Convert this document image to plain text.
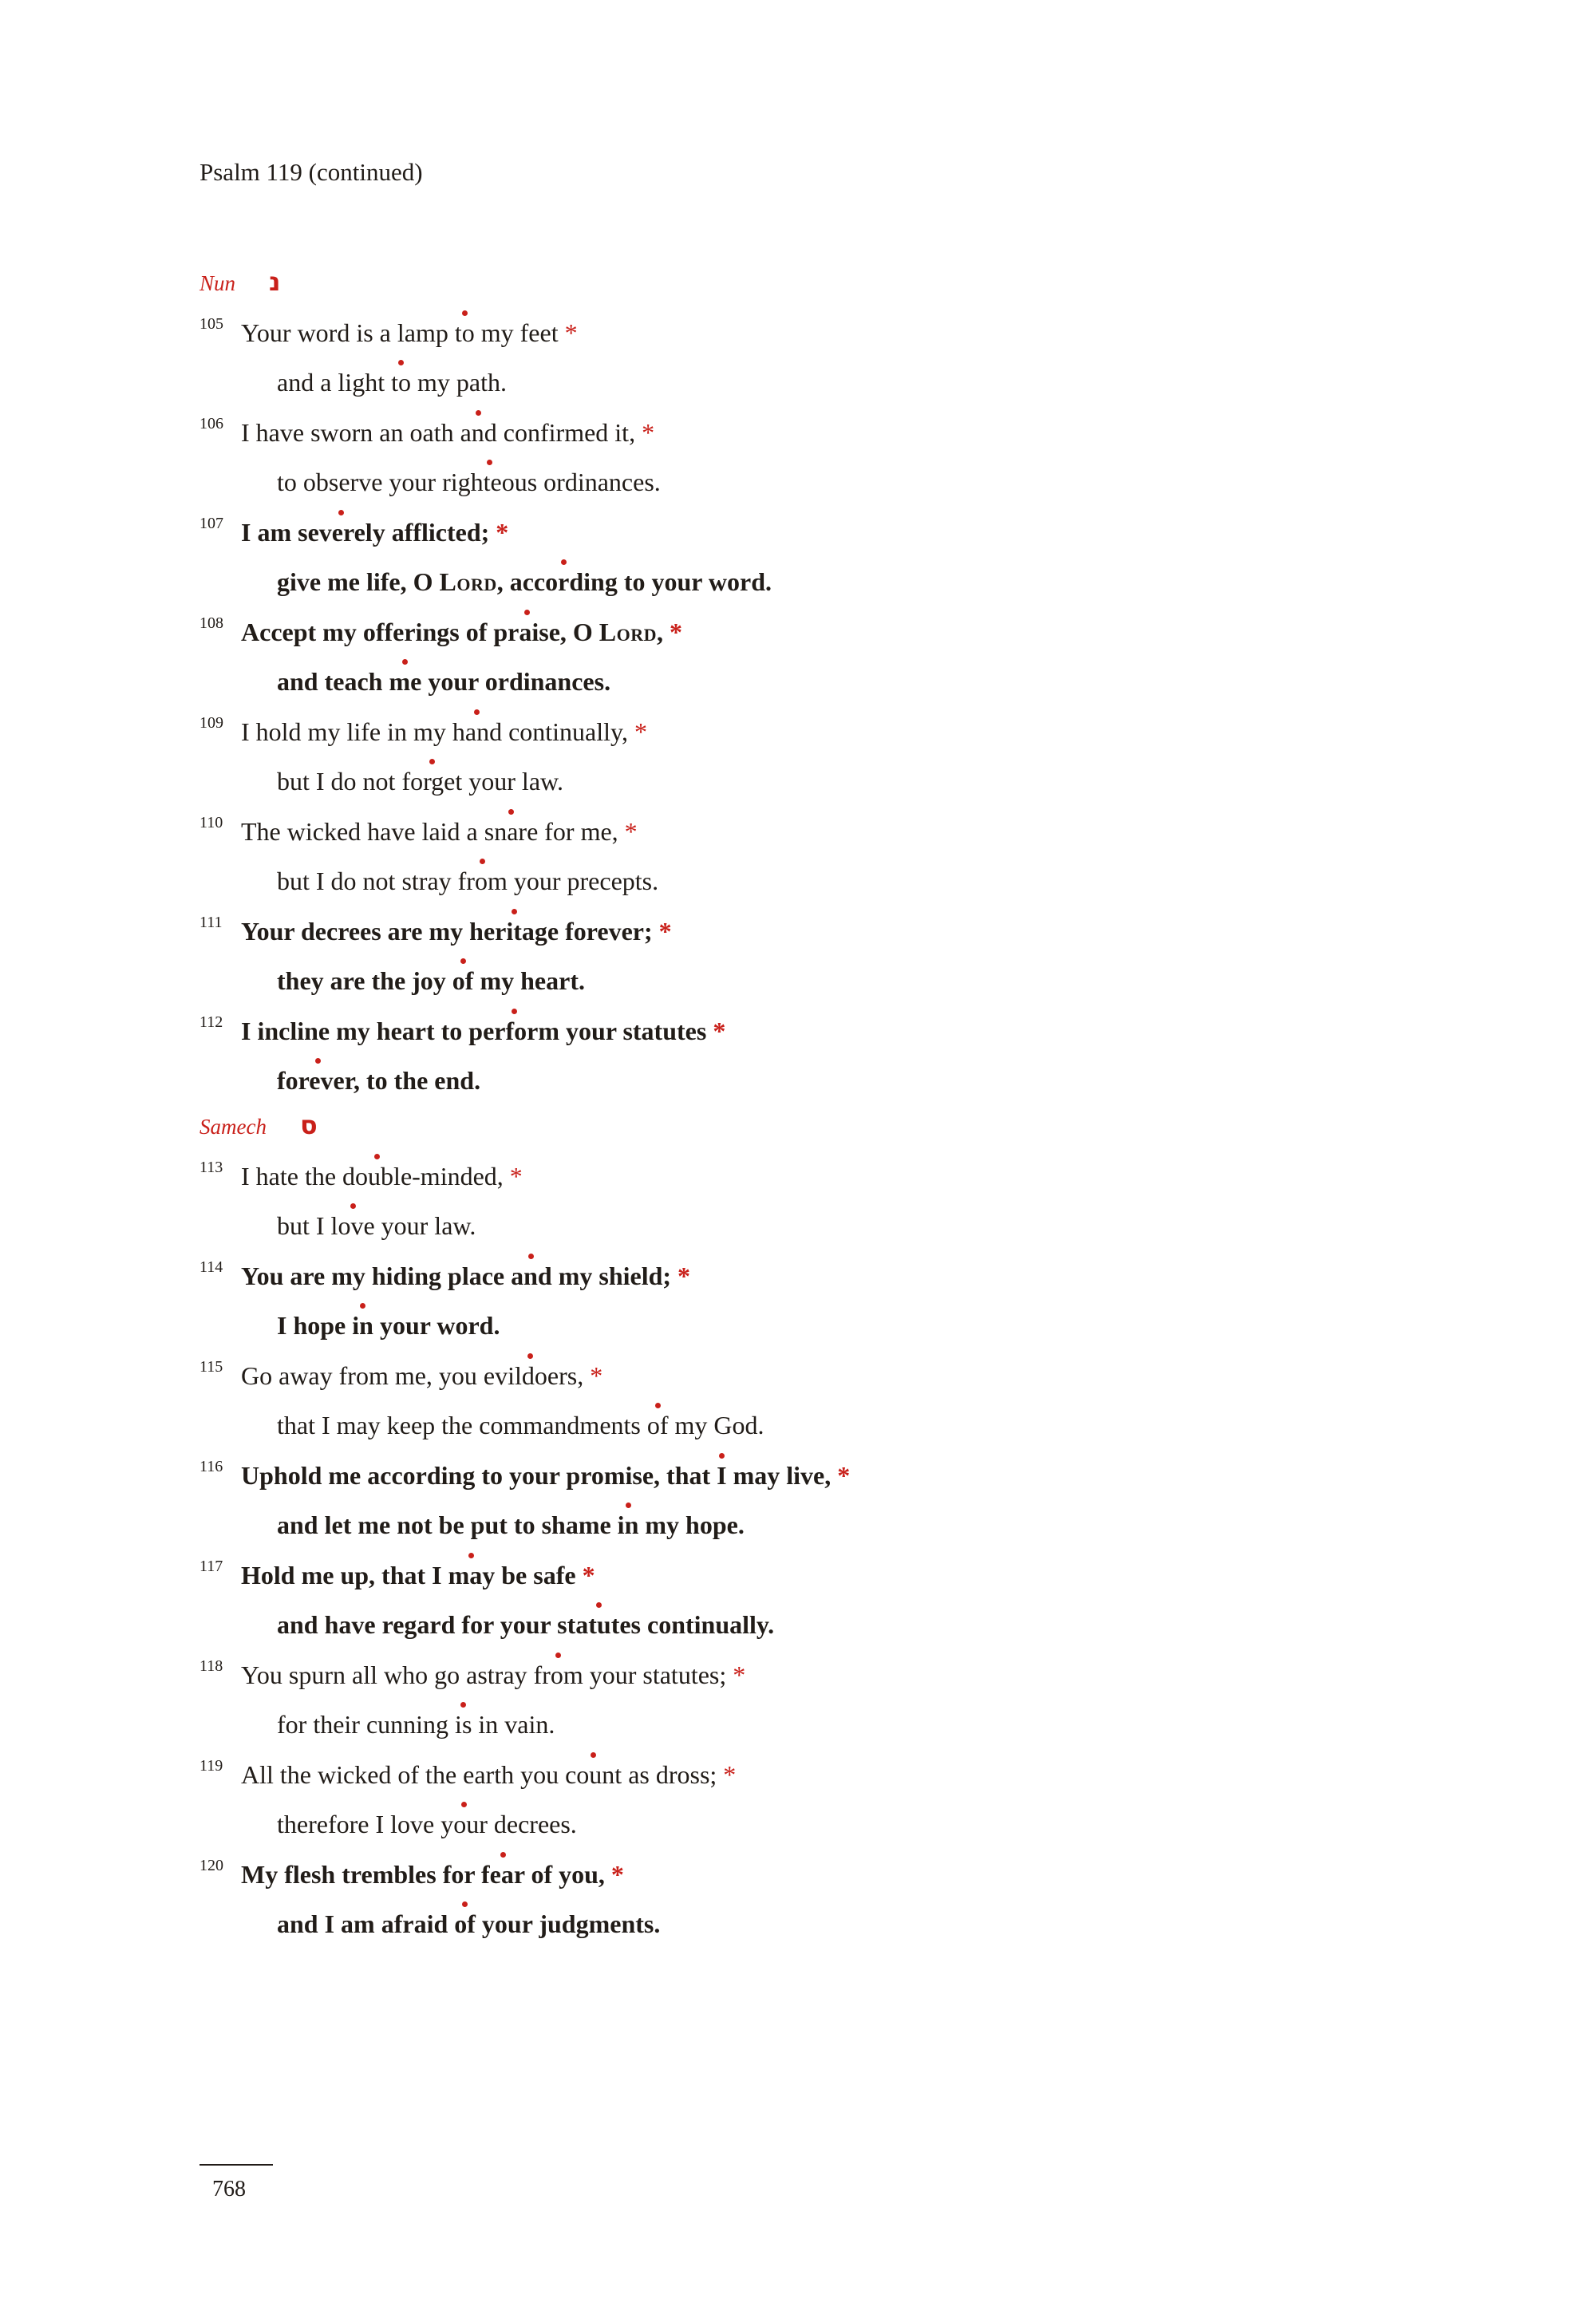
Psalm 119 (continued)
Nun נ
105 Your word is a lamp to my feet *
and a light to my path.
106 I have sworn an oath and confirmed it, *
to observe your righteous ordinances.
107 I am severely afflicted; *
give me life, O Lord, according to your word.
108 Accept my offerings of praise, O Lord, *
and teach me your ordinances.
109 I hold my life in my hand continually, *
but I do not forget your law.
110 The wicked have laid a snare for me, *
but I do not stray from your precepts.
111 Your decrees are my heritage forever; *
they are the joy of my heart.
112 I incline my heart to perform your statutes *
forever, to the end.
Samech ס
113 I hate the double-minded, *
but I love your law.
114 You are my hiding place and my shield; *
I hope in your word.
115 Go away from me, you evildoers, *
that I may keep the commandments of my God.
116 Uphold me according to your promise, that I may live, *
and let me not be put to shame in my hope.
117 Hold me up, that I may be safe *
and have regard for your statutes continually.
118 You spurn all who go astray from your statutes; *
for their cunning is in vain.
119 All the wicked of the earth you count as dross; *
therefore I love your decrees.
120 My flesh trembles for fear of you, *
and I am afraid of your judgments.
768
